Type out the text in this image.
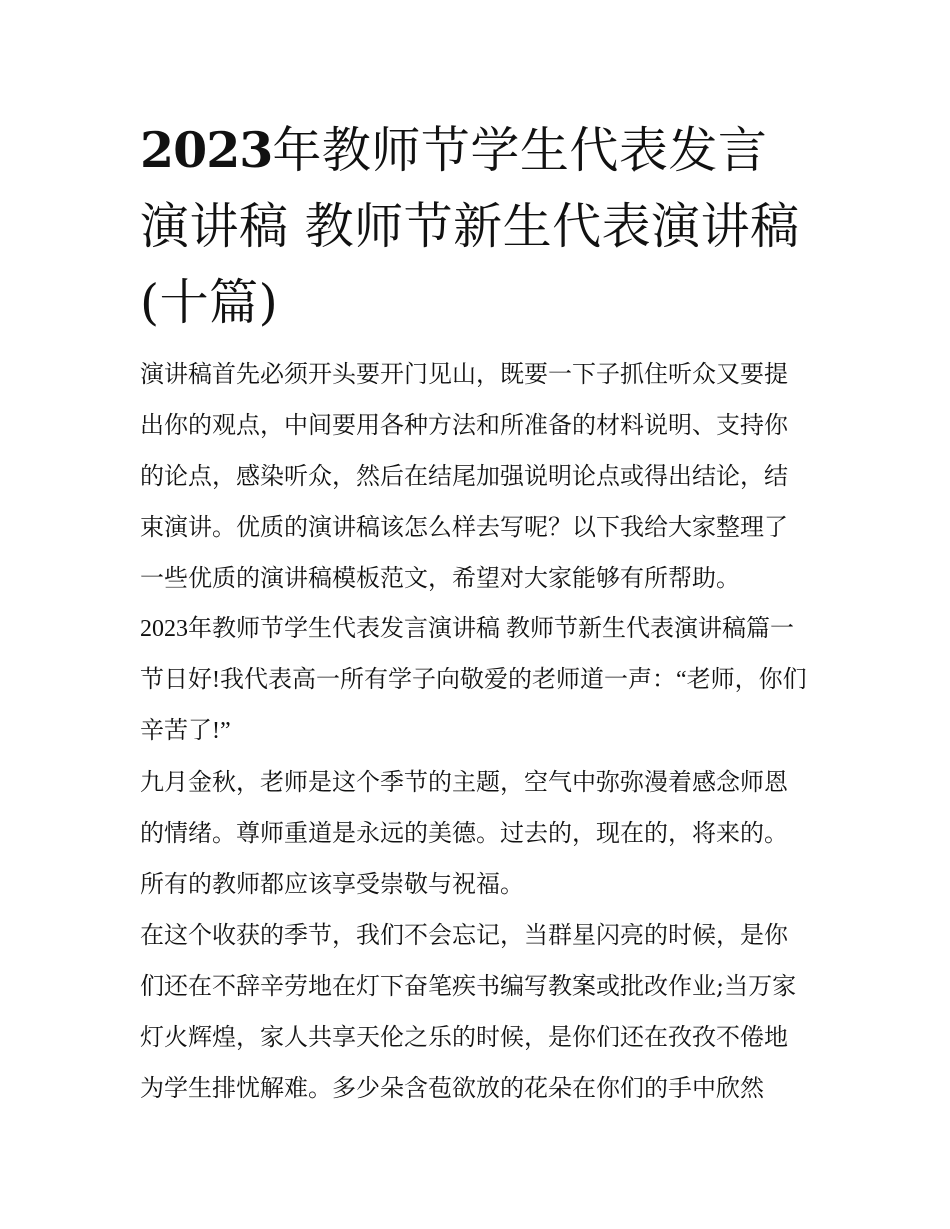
2023年教师节学生代表发言演讲稿 教师节新生代表演讲稿(十篇)

演讲稿首先必须开头要开门见山，既要一下子抓住听众又要提出你的观点，中间要用各种方法和所准备的材料说明、支持你的论点，感染听众，然后在结尾加强说明论点或得出结论，结束演讲。优质的演讲稿该怎么样去写呢？以下我给大家整理了一些优质的演讲稿模板范文，希望对大家能够有所帮助。

2023年教师节学生代表发言演讲稿 教师节新生代表演讲稿篇一 节日好!我代表高一所有学子向敬爱的老师道一声：“老师，你们辛苦了!”

九月金秋，老师是这个季节的主题，空气中弥弥漫着感念师恩的情绪。尊师重道是永远的美德。过去的，现在的，将来的。所有的教师都应该享受崇敬与祝福。

在这个收获的季节，我们不会忘记，当群星闪亮的时候，是你们还在不辞辛劳地在灯下奋笔疾书编写教案或批改作业;当万家灯火辉煌，家人共享天伦之乐的时候，是你们还在孜孜不倦地为学生排忧解难。多少朵含苞欲放的花朵在你们的手中欣然
